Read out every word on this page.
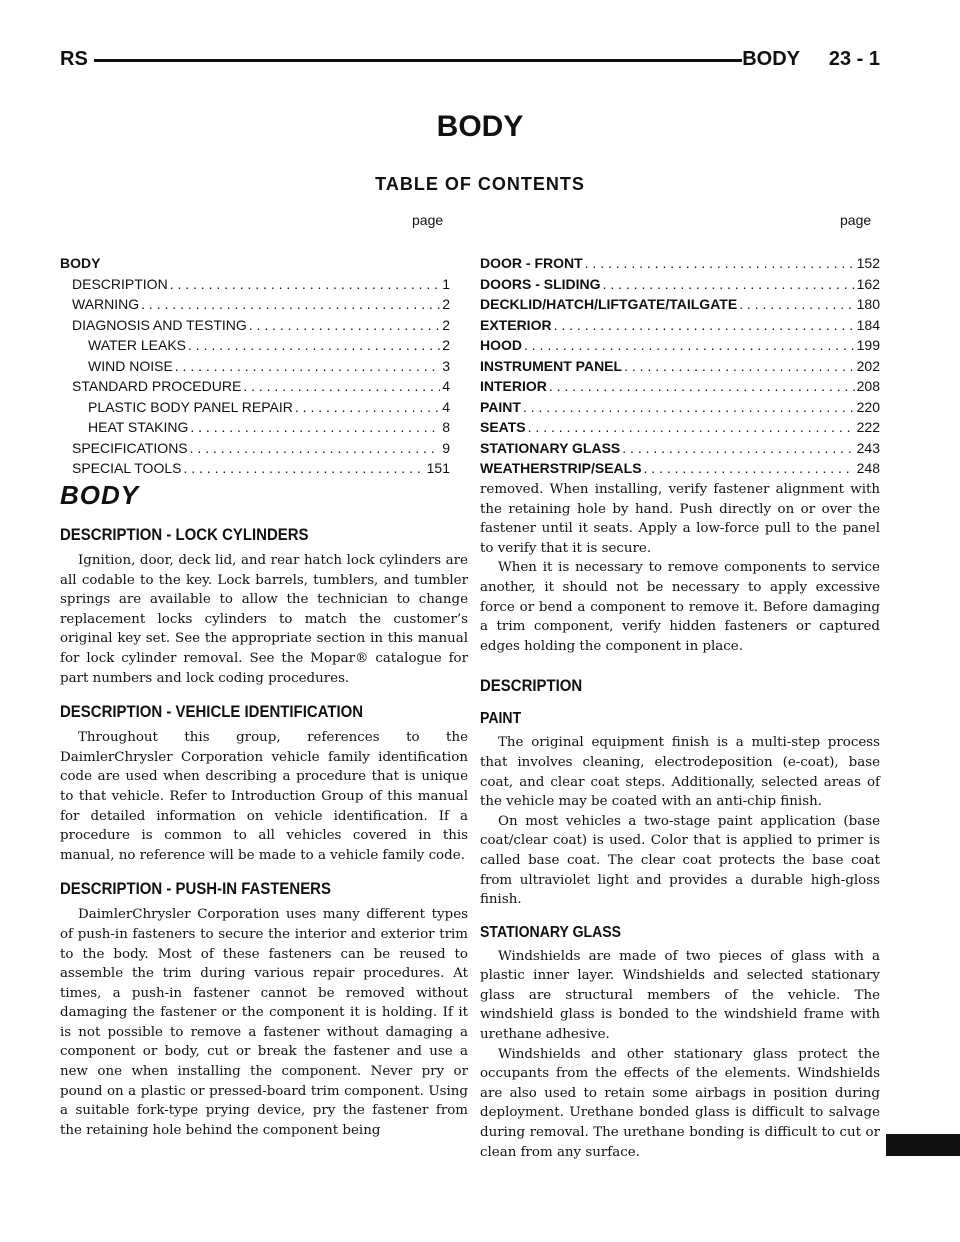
RS	BODY 23 - 1
BODY
TABLE OF CONTENTS
page	page
BODY
DESCRIPTION . . .	1
WARNING . . .	2
DIAGNOSIS AND TESTING . . .	2
WATER LEAKS . . .	2
WIND NOISE . . .	3
STANDARD PROCEDURE . . .	4
PLASTIC BODY PANEL REPAIR . . .	4
HEAT STAKING . . .	8
SPECIFICATIONS . . .	9
SPECIAL TOOLS . . .	151
DOOR - FRONT . . .	152
DOORS - SLIDING . . .	162
DECKLID/HATCH/LIFTGATE/TAILGATE . . .	180
EXTERIOR . . .	184
HOOD . . .	199
INSTRUMENT PANEL . . .	202
INTERIOR . . .	208
PAINT . . .	220
SEATS . . .	222
STATIONARY GLASS . . .	243
WEATHERSTRIP/SEALS . . .	248
BODY
DESCRIPTION - LOCK CYLINDERS

Ignition, door, deck lid, and rear hatch lock cylinders are all codable to the key. Lock barrels, tumblers, and tumbler springs are available to allow the technician to change replacement locks cylinders to match the customer’s original key set. See the appropriate section in this manual for lock cylinder removal. See the Mopar® catalogue for part numbers and lock coding procedures.

DESCRIPTION - VEHICLE IDENTIFICATION

Throughout this group, references to the DaimlerChrysler Corporation vehicle family identification code are used when describing a procedure that is unique to that vehicle. Refer to Introduction Group of this manual for detailed information on vehicle identification. If a procedure is common to all vehicles covered in this manual, no reference will be made to a vehicle family code.

DESCRIPTION - PUSH-IN FASTENERS

DaimlerChrysler Corporation uses many different types of push-in fasteners to secure the interior and exterior trim to the body. Most of these fasteners can be reused to assemble the trim during various repair procedures. At times, a push-in fastener cannot be removed without damaging the fastener or the component it is holding. If it is not possible to remove a fastener without damaging a component or body, cut or break the fastener and use a new one when installing the component. Never pry or pound on a plastic or pressed-board trim component. Using a suitable fork-type prying device, pry the fastener from the retaining hole behind the component being

removed. When installing, verify fastener alignment with the retaining hole by hand. Push directly on or over the fastener until it seats. Apply a low-force pull to the panel to verify that it is secure.

When it is necessary to remove components to service another, it should not be necessary to apply excessive force or bend a component to remove it. Before damaging a trim component, verify hidden fasteners or captured edges holding the component in place.

DESCRIPTION
PAINT

The original equipment finish is a multi-step process that involves cleaning, electrodeposition (e-coat), base coat, and clear coat steps. Additionally, selected areas of the vehicle may be coated with an anti-chip finish.

On most vehicles a two-stage paint application (base coat/clear coat) is used. Color that is applied to primer is called base coat. The clear coat protects the base coat from ultraviolet light and provides a durable high-gloss finish.

STATIONARY GLASS

Windshields are made of two pieces of glass with a plastic inner layer. Windshields and selected stationary glass are structural members of the vehicle. The windshield glass is bonded to the windshield frame with urethane adhesive.

Windshields and other stationary glass protect the occupants from the effects of the elements. Windshields are also used to retain some airbags in position during deployment. Urethane bonded glass is difficult to salvage during removal. The urethane bonding is difficult to cut or clean from any surface.
